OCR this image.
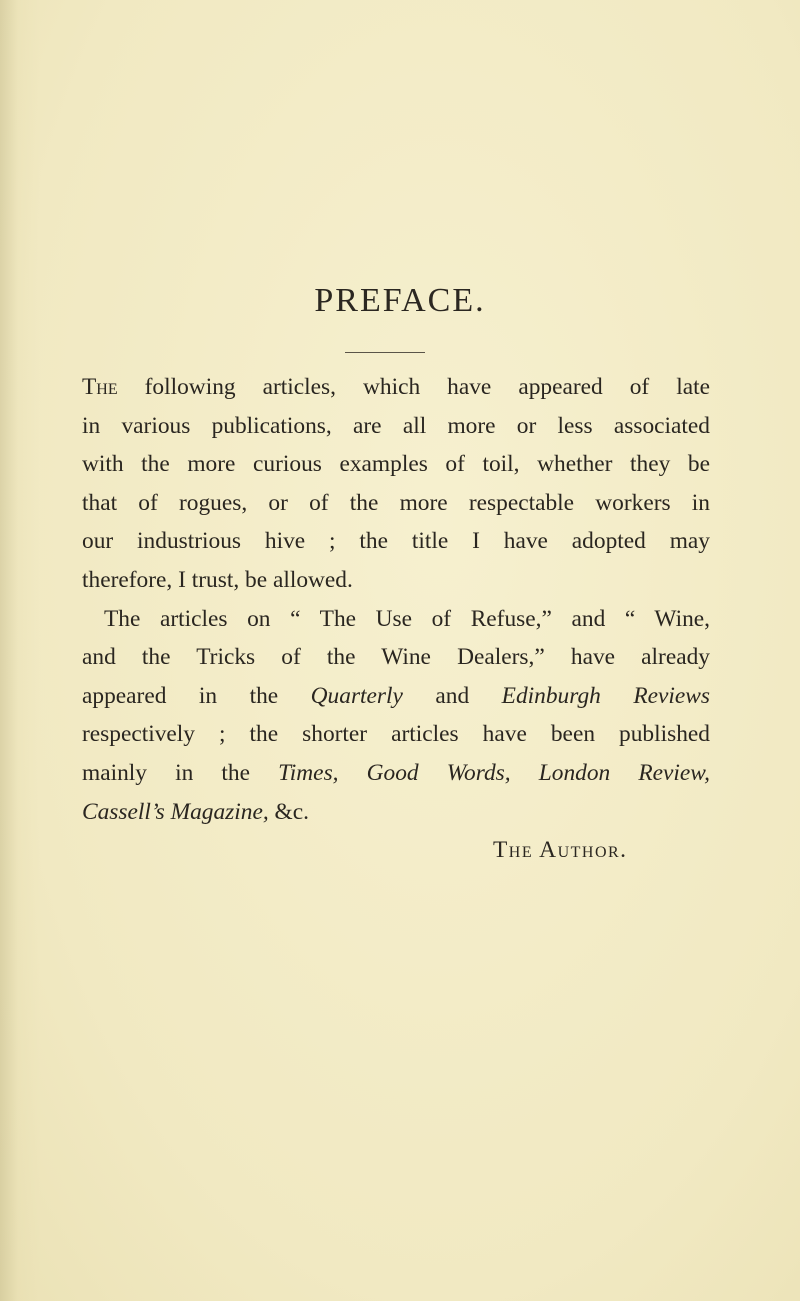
PREFACE.
The following articles, which have appeared of late
in various publications, are all more or less associated
with the more curious examples of toil, whether they be
that of rogues, or of the more respectable workers in
our industrious hive ; the title I have adopted may
therefore, I trust, be allowed.
The articles on “ The Use of Refuse,” and “ Wine,
and the Tricks of the Wine Dealers,” have already
appeared in the Quarterly and Edinburgh Reviews
respectively ; the shorter articles have been published
mainly in the Times, Good Words, London Review,
Cassell’s Magazine, &c.
The Author.
